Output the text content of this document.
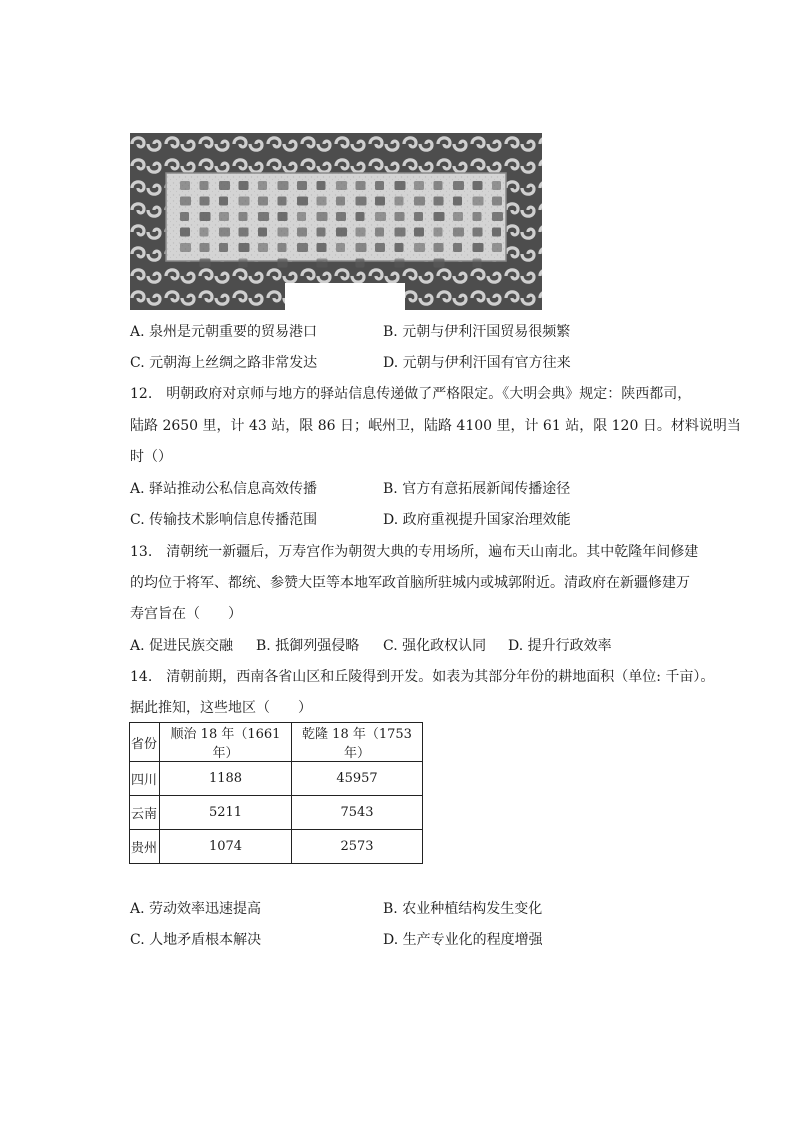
A. 泉州是元朝重要的贸易港口	B. 元朝与伊利汗国贸易很频繁
C. 元朝海上丝绸之路非常发达	D. 元朝与伊利汗国有官方往来
12.　明朝政府对京师与地方的驿站信息传递做了严格限定。《大明会典》规定：陕西都司，
陆路 2650 里，计 43 站，限 86 日；岷州卫，陆路 4100 里，计 61 站，限 120 日。材料说明当
时（）
A. 驿站推动公私信息高效传播	B. 官方有意拓展新闻传播途径
C. 传输技术影响信息传播范围	D. 政府重视提升国家治理效能
13.　清朝统一新疆后，万寿宫作为朝贺大典的专用场所，遍布天山南北。其中乾隆年间修建
的均位于将军、都统、参赞大臣等本地军政首脑所驻城内或城郭附近。清政府在新疆修建万
寿宫旨在（　　）
A. 促进民族交融 B. 抵御列强侵略 C. 强化政权认同 D. 提升行政效率
14.　清朝前期，西南各省山区和丘陵得到开发。如表为其部分年份的耕地面积（单位: 千亩）。
据此推知，这些地区（　　）
省份	顺治 18 年（1661 年）	乾隆 18 年（1753 年）
四川	1188	45957
云南	5211	7543
贵州	1074	2573
A. 劳动效率迅速提高	B. 农业种植结构发生变化
C. 人地矛盾根本解决	D. 生产专业化的程度增强
